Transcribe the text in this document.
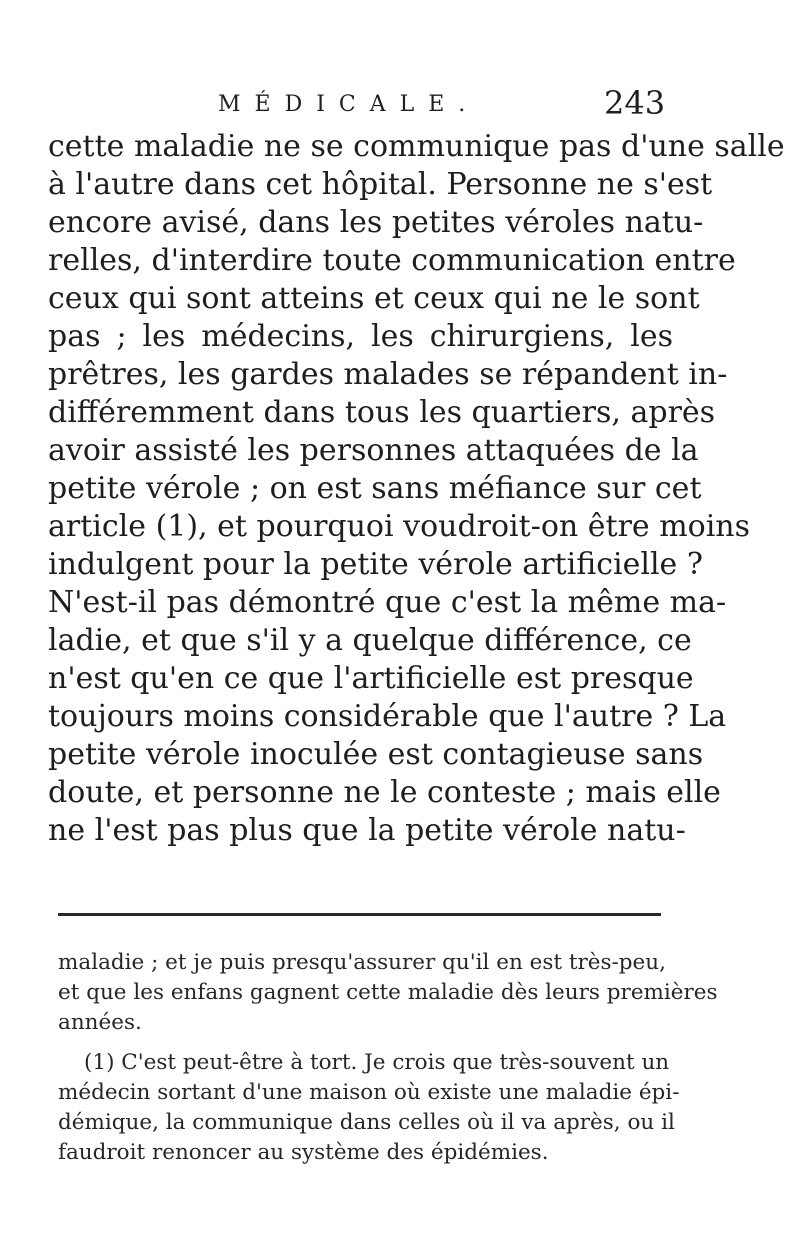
MÉDICALE.	243
cette maladie ne se communique pas d'une salle
à l'autre dans cet hôpital. Personne ne s'est
encore avisé, dans les petites véroles natu-
relles, d'interdire toute communication entre
ceux qui sont atteins et ceux qui ne le sont
pas ; les médecins, les chirurgiens, les
prêtres, les gardes malades se répandent in-
différemment dans tous les quartiers, après
avoir assisté les personnes attaquées de la
petite vérole ; on est sans méfiance sur cet
article (1), et pourquoi voudroit-on être moins
indulgent pour la petite vérole artificielle ?
N'est-il pas démontré que c'est la même ma-
ladie, et que s'il y a quelque différence, ce
n'est qu'en ce que l'artificielle est presque
toujours moins considérable que l'autre ? La
petite vérole inoculée est contagieuse sans
doute, et personne ne le conteste ; mais elle
ne l'est pas plus que la petite vérole natu-
maladie ; et je puis presqu'assurer qu'il en est très-peu,
et que les enfans gagnent cette maladie dès leurs premières
années.
(1) C'est peut-être à tort. Je crois que très-souvent un
médecin sortant d'une maison où existe une maladie épi-
démique, la communique dans celles où il va après, ou il
faudroit renoncer au système des épidémies.
